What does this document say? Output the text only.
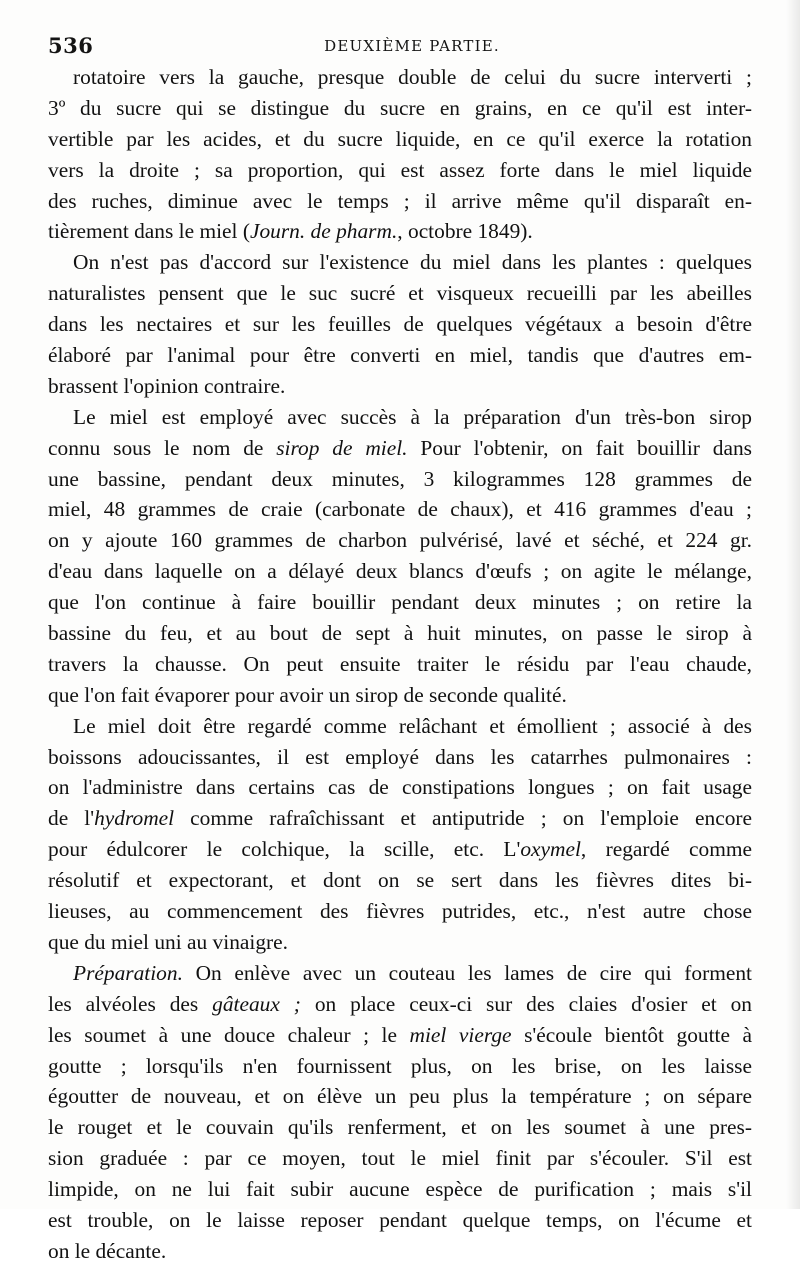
536	DEUXIÈME PARTIE.
rotatoire vers la gauche, presque double de celui du sucre interverti ;
3º du sucre qui se distingue du sucre en grains, en ce qu'il est inter-
vertible par les acides, et du sucre liquide, en ce qu'il exerce la rotation
vers la droite ; sa proportion, qui est assez forte dans le miel liquide
des ruches, diminue avec le temps ; il arrive même qu'il disparaît en-
tièrement dans le miel (Journ. de pharm., octobre 1849).
On n'est pas d'accord sur l'existence du miel dans les plantes : quelques
naturalistes pensent que le suc sucré et visqueux recueilli par les abeilles
dans les nectaires et sur les feuilles de quelques végétaux a besoin d'être
élaboré par l'animal pour être converti en miel, tandis que d'autres em-
brassent l'opinion contraire.
Le miel est employé avec succès à la préparation d'un très-bon sirop
connu sous le nom de sirop de miel. Pour l'obtenir, on fait bouillir dans
une bassine, pendant deux minutes, 3 kilogrammes 128 grammes de
miel, 48 grammes de craie (carbonate de chaux), et 416 grammes d'eau ;
on y ajoute 160 grammes de charbon pulvérisé, lavé et séché, et 224 gr.
d'eau dans laquelle on a délayé deux blancs d'œufs ; on agite le mélange,
que l'on continue à faire bouillir pendant deux minutes ; on retire la
bassine du feu, et au bout de sept à huit minutes, on passe le sirop à
travers la chausse. On peut ensuite traiter le résidu par l'eau chaude,
que l'on fait évaporer pour avoir un sirop de seconde qualité.
Le miel doit être regardé comme relâchant et émollient ; associé à des
boissons adoucissantes, il est employé dans les catarrhes pulmonaires :
on l'administre dans certains cas de constipations longues ; on fait usage
de l'hydromel comme rafraîchissant et antiputride ; on l'emploie encore
pour édulcorer le colchique, la scille, etc. L'oxymel, regardé comme
résolutif et expectorant, et dont on se sert dans les fièvres dites bi-
lieuses, au commencement des fièvres putrides, etc., n'est autre chose
que du miel uni au vinaigre.
Préparation. On enlève avec un couteau les lames de cire qui forment
les alvéoles des gâteaux ; on place ceux-ci sur des claies d'osier et on
les soumet à une douce chaleur ; le miel vierge s'écoule bientôt goutte à
goutte ; lorsqu'ils n'en fournissent plus, on les brise, on les laisse
égoutter de nouveau, et on élève un peu plus la température ; on sépare
le rouget et le couvain qu'ils renferment, et on les soumet à une pres-
sion graduée : par ce moyen, tout le miel finit par s'écouler. S'il est
limpide, on ne lui fait subir aucune espèce de purification ; mais s'il
est trouble, on le laisse reposer pendant quelque temps, on l'écume et
on le décante.
